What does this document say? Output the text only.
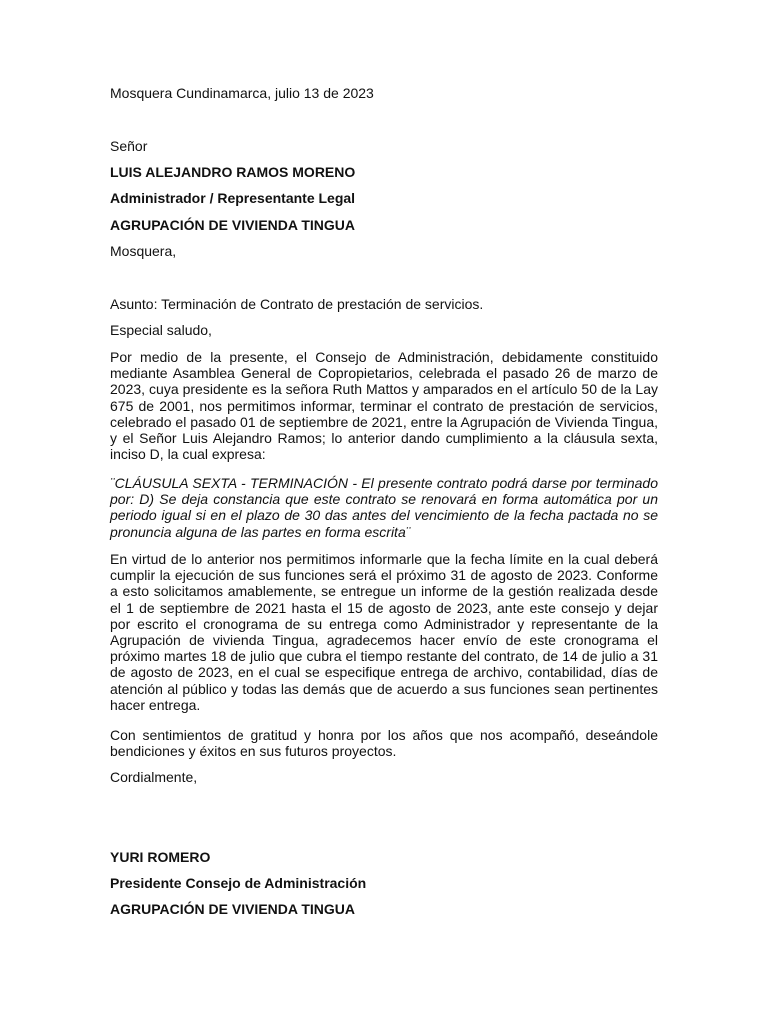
Mosquera Cundinamarca, julio 13 de 2023
Señor
LUIS ALEJANDRO RAMOS MORENO
Administrador / Representante Legal
AGRUPACIÓN DE VIVIENDA TINGUA
Mosquera,
Asunto: Terminación de Contrato de prestación de servicios.
Especial saludo,
Por medio de la presente, el Consejo de Administración, debidamente constituido mediante Asamblea General de Copropietarios, celebrada el pasado 26 de marzo de 2023, cuya presidente es la señora Ruth Mattos y amparados en el artículo 50 de la Lay 675 de 2001, nos permitimos informar, terminar el contrato de prestación de servicios, celebrado el pasado 01 de septiembre de 2021, entre la Agrupación de Vivienda Tingua, y el Señor Luis Alejandro Ramos; lo anterior dando cumplimiento a la cláusula sexta, inciso D, la cual expresa:
¨CLÁUSULA SEXTA - TERMINACIÓN - El presente contrato podrá darse por terminado por: D) Se deja constancia que este contrato se renovará en forma automática por un periodo igual si en el plazo de 30 das antes del vencimiento de la fecha pactada no se pronuncia alguna de las partes en forma escrita¨
En virtud de lo anterior nos permitimos informarle que la fecha límite en la cual deberá cumplir la ejecución de sus funciones será el próximo 31 de agosto de 2023. Conforme a esto solicitamos amablemente, se entregue un informe de la gestión realizada desde el 1 de septiembre de 2021 hasta el 15 de agosto de 2023, ante este consejo y dejar por escrito el cronograma de su entrega como Administrador y representante de la Agrupación de vivienda Tingua, agradecemos hacer envío de este cronograma el próximo martes 18 de julio que cubra el tiempo restante del contrato, de 14 de julio a 31 de agosto de 2023, en el cual se especifique entrega de archivo, contabilidad, días de atención al público y todas las demás que de acuerdo a sus funciones sean pertinentes hacer entrega.
Con sentimientos de gratitud y honra por los años que nos acompañó, deseándole bendiciones y éxitos en sus futuros proyectos.
Cordialmente,
YURI ROMERO
Presidente Consejo de Administración
AGRUPACIÓN DE VIVIENDA TINGUA
